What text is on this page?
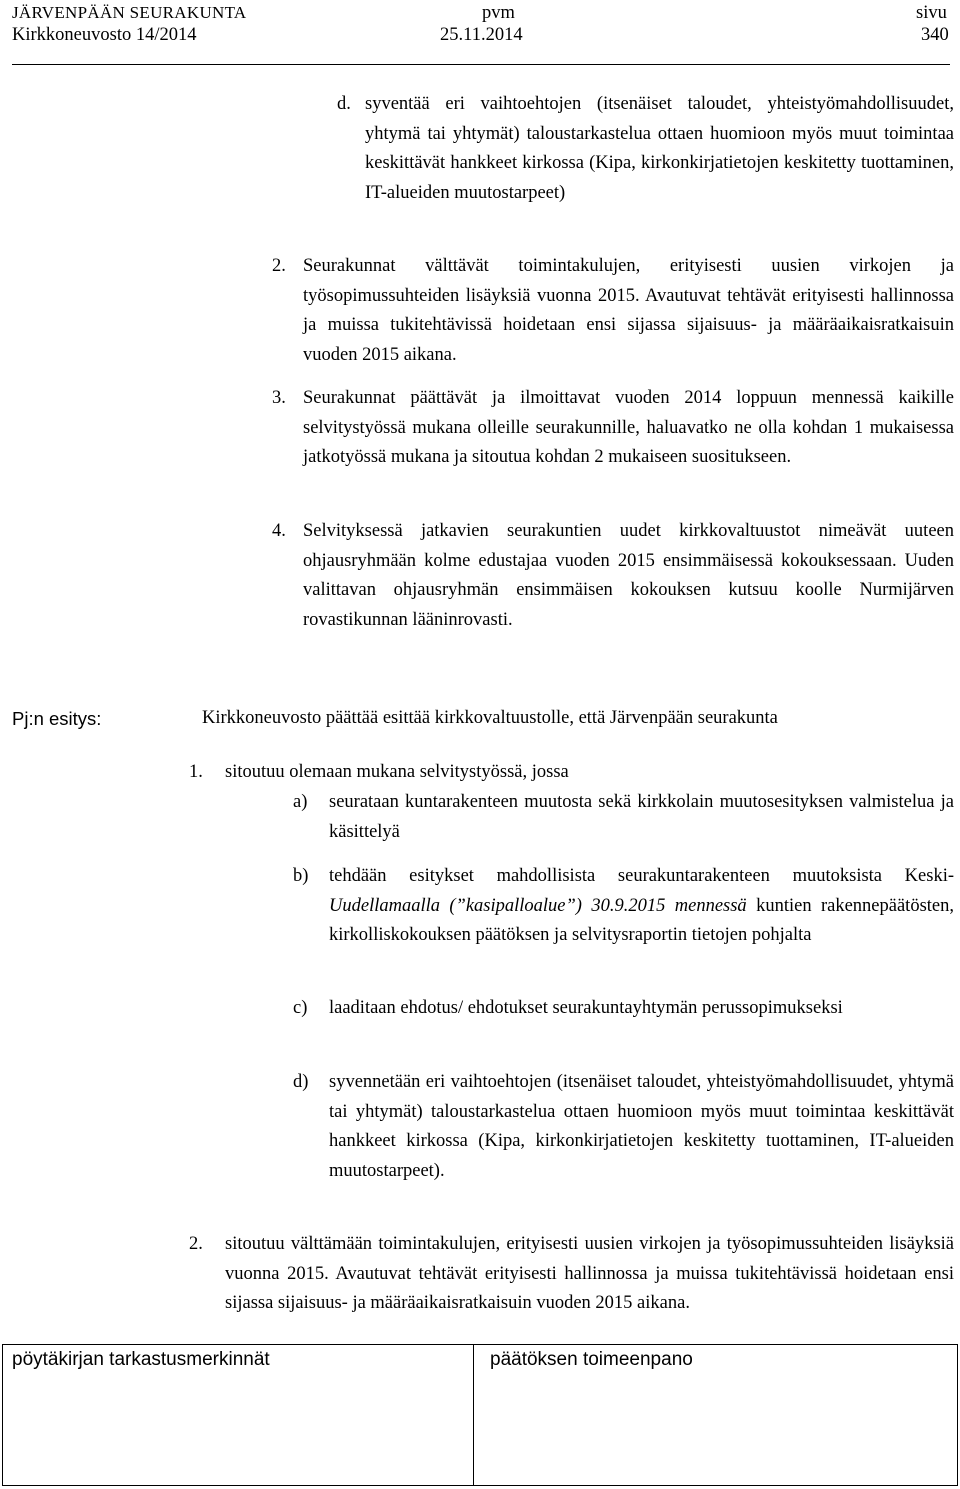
JÄRVENPÄÄN SEURAKUNTA
Kirkkoneuvosto 14/2014
pvm
25.11.2014
sivu
340
d. syventää eri vaihtoehtojen (itsenäiset taloudet, yhteistyömahdollisuudet, yhtymä tai yhtymät) taloustarkastelua ottaen huomioon myös muut toimintaa keskittävät hankkeet kirkossa (Kipa, kirkonkirjatietojen keskitetty tuottaminen, IT-alueiden muutostarpeet)
2. Seurakunnat välttävät toimintakulujen, erityisesti uusien virkojen ja työsopimussuhteiden lisäyksiä vuonna 2015. Avautuvat tehtävät erityisesti hallinnossa ja muissa tukitehtävissä hoidetaan ensi sijassa sijaisuus- ja määräaikaisratkaisuin vuoden 2015 aikana.
3. Seurakunnat päättävät ja ilmoittavat vuoden 2014 loppuun mennessä kaikille selvitystyössä mukana olleille seurakunnille, haluavatko ne olla kohdan 1 mukaisessa jatkotyössä mukana ja sitoutua kohdan 2 mukaiseen suositukseen.
4. Selvityksessä jatkavien seurakuntien uudet kirkkovaltuustot nimeävät uuteen ohjausryhmään kolme edustajaa vuoden 2015 ensimmäisessä kokouksessaan. Uuden valittavan ohjausryhmän ensimmäisen kokouksen kutsuu koolle Nurmijärven rovastikunnan lääninrovasti.
Pj:n esitys:	Kirkkoneuvosto päättää esittää kirkkovaltuustolle, että Järvenpään seurakunta
1. sitoutuu olemaan mukana selvitystyössä, jossa
a) seurataan kuntarakenteen muutosta sekä kirkkolain muutosesityksen valmistelua ja käsittelyä
b) tehdään esitykset mahdollisista seurakuntarakenteen muutoksista Keski-Uudellamaalla (”kasipalloalue”) 30.9.2015 mennessä kuntien rakennepäätösten, kirkolliskokouksen päätöksen ja selvitysraportin tietojen pohjalta
c) laaditaan ehdotus/ ehdotukset seurakuntayhtymän perussopimukseksi
d) syvennetään eri vaihtoehtojen (itsenäiset taloudet, yhteistyömahdollisuudet, yhtymä tai yhtymät) taloustarkastelua ottaen huomioon myös muut toimintaa keskittävät hankkeet kirkossa (Kipa, kirkonkirjatietojen keskitetty tuottaminen, IT-alueiden muutostarpeet).
2. sitoutuu välttämään toimintakulujen, erityisesti uusien virkojen ja työsopimussuhteiden lisäyksiä vuonna 2015. Avautuvat tehtävät erityisesti hallinnossa ja muissa tukitehtävissä hoidetaan ensi sijassa sijaisuus- ja määräaikaisratkaisuin vuoden 2015 aikana.
pöytäkirjan tarkastusmerkinnät	päätöksen toimeenpano
